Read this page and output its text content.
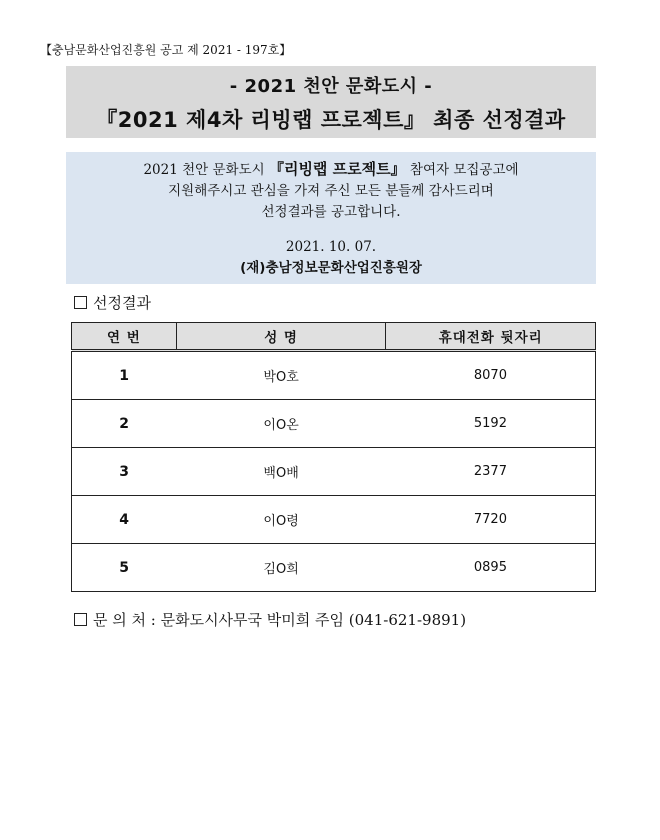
【충남문화산업진흥원 공고 제 2021 - 197호】
- 2021 천안 문화도시 -
『2021 제4차 리빙랩 프로젝트』 최종 선정결과
2021 천안 문화도시 『리빙랩 프로젝트』 참여자 모집공고에
지원해주시고 관심을 가져 주신 모든 분들께 감사드리며
선정결과를 공고합니다.
2021. 10. 07.
(재)충남정보문화산업진흥원장
선정결과
연 번	성 명	휴대전화 뒷자리
1	박O호	8070
2	이O온	5192
3	백O배	2377
4	이O령	7720
5	김O희	0895
문 의 처 : 문화도시사무국 박미희 주임 (041-621-9891)
